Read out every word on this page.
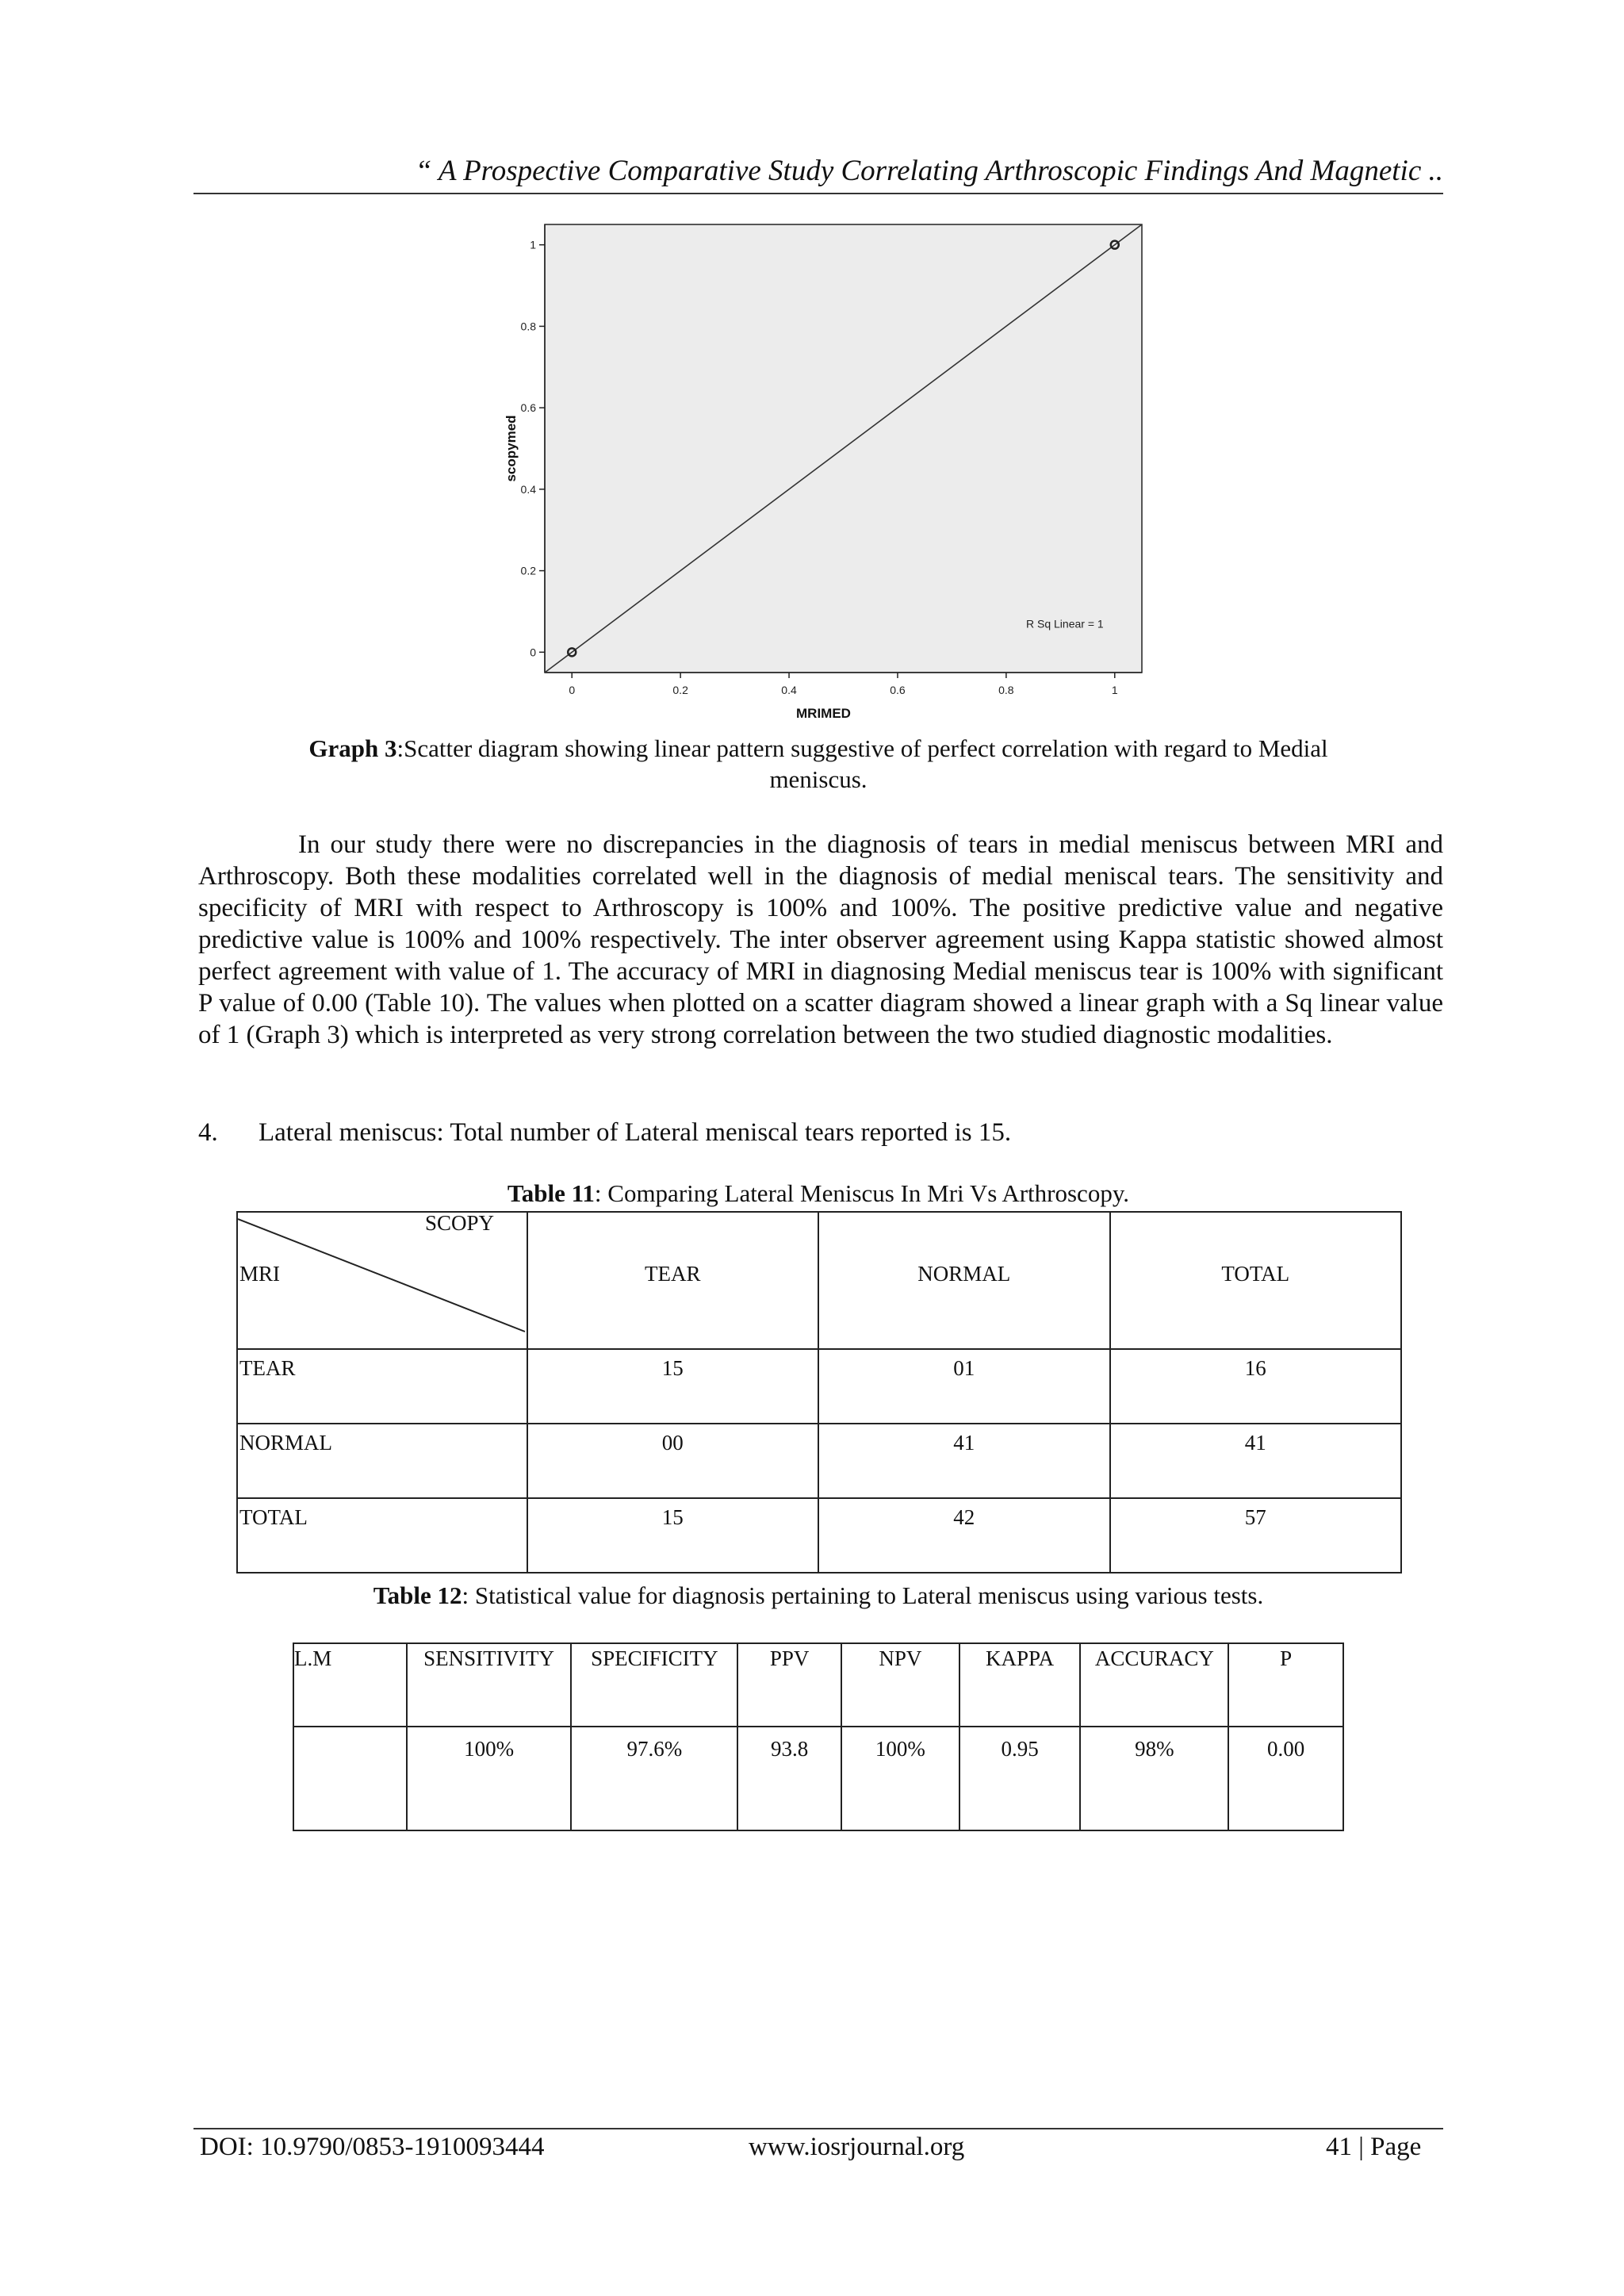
“ A Prospective Comparative Study Correlating Arthroscopic Findings And Magnetic ..
0	0.2	0.4	0.6	0.8	1
0
0.2
0.4
0.6
0.8
1
R Sq Linear = 1
scopymed
MRIMED
Graph 3:Scatter diagram showing linear pattern suggestive of perfect correlation with regard to Medial
meniscus.

In our study there were no discrepancies in the diagnosis of tears in medial meniscus between MRI and Arthroscopy. Both these modalities correlated well in the diagnosis of medial meniscal tears. The sensitivity and specificity of MRI with respect to Arthroscopy is 100% and 100%. The positive predictive value and negative predictive value is 100% and 100% respectively. The inter observer agreement using Kappa statistic showed almost perfect agreement with value of 1. The accuracy of MRI in diagnosing Medial meniscus tear is 100% with significant P value of 0.00 (Table 10). The values when plotted on a scatter diagram showed a linear graph with a Sq linear value of 1 (Graph 3) which is interpreted as very strong correlation between the two studied diagnostic modalities.

4. Lateral meniscus: Total number of Lateral meniscal tears reported is 15.
Table 11: Comparing Lateral Meniscus In Mri Vs Arthroscopy.
SCOPY
MRI	TEAR	NORMAL	TOTAL
TEAR	15	01	16
NORMAL	00	41	41
TOTAL	15	42	57
Table 12: Statistical value for diagnosis pertaining to Lateral meniscus using various tests.
L.M	SENSITIVITY	SPECIFICITY	PPV	NPV	KAPPA	ACCURACY	P
	100%	97.6%	93.8	100%	0.95	98%	0.00
DOI: 10.9790/0853-1910093444	www.iosrjournal.org	41 | Page
